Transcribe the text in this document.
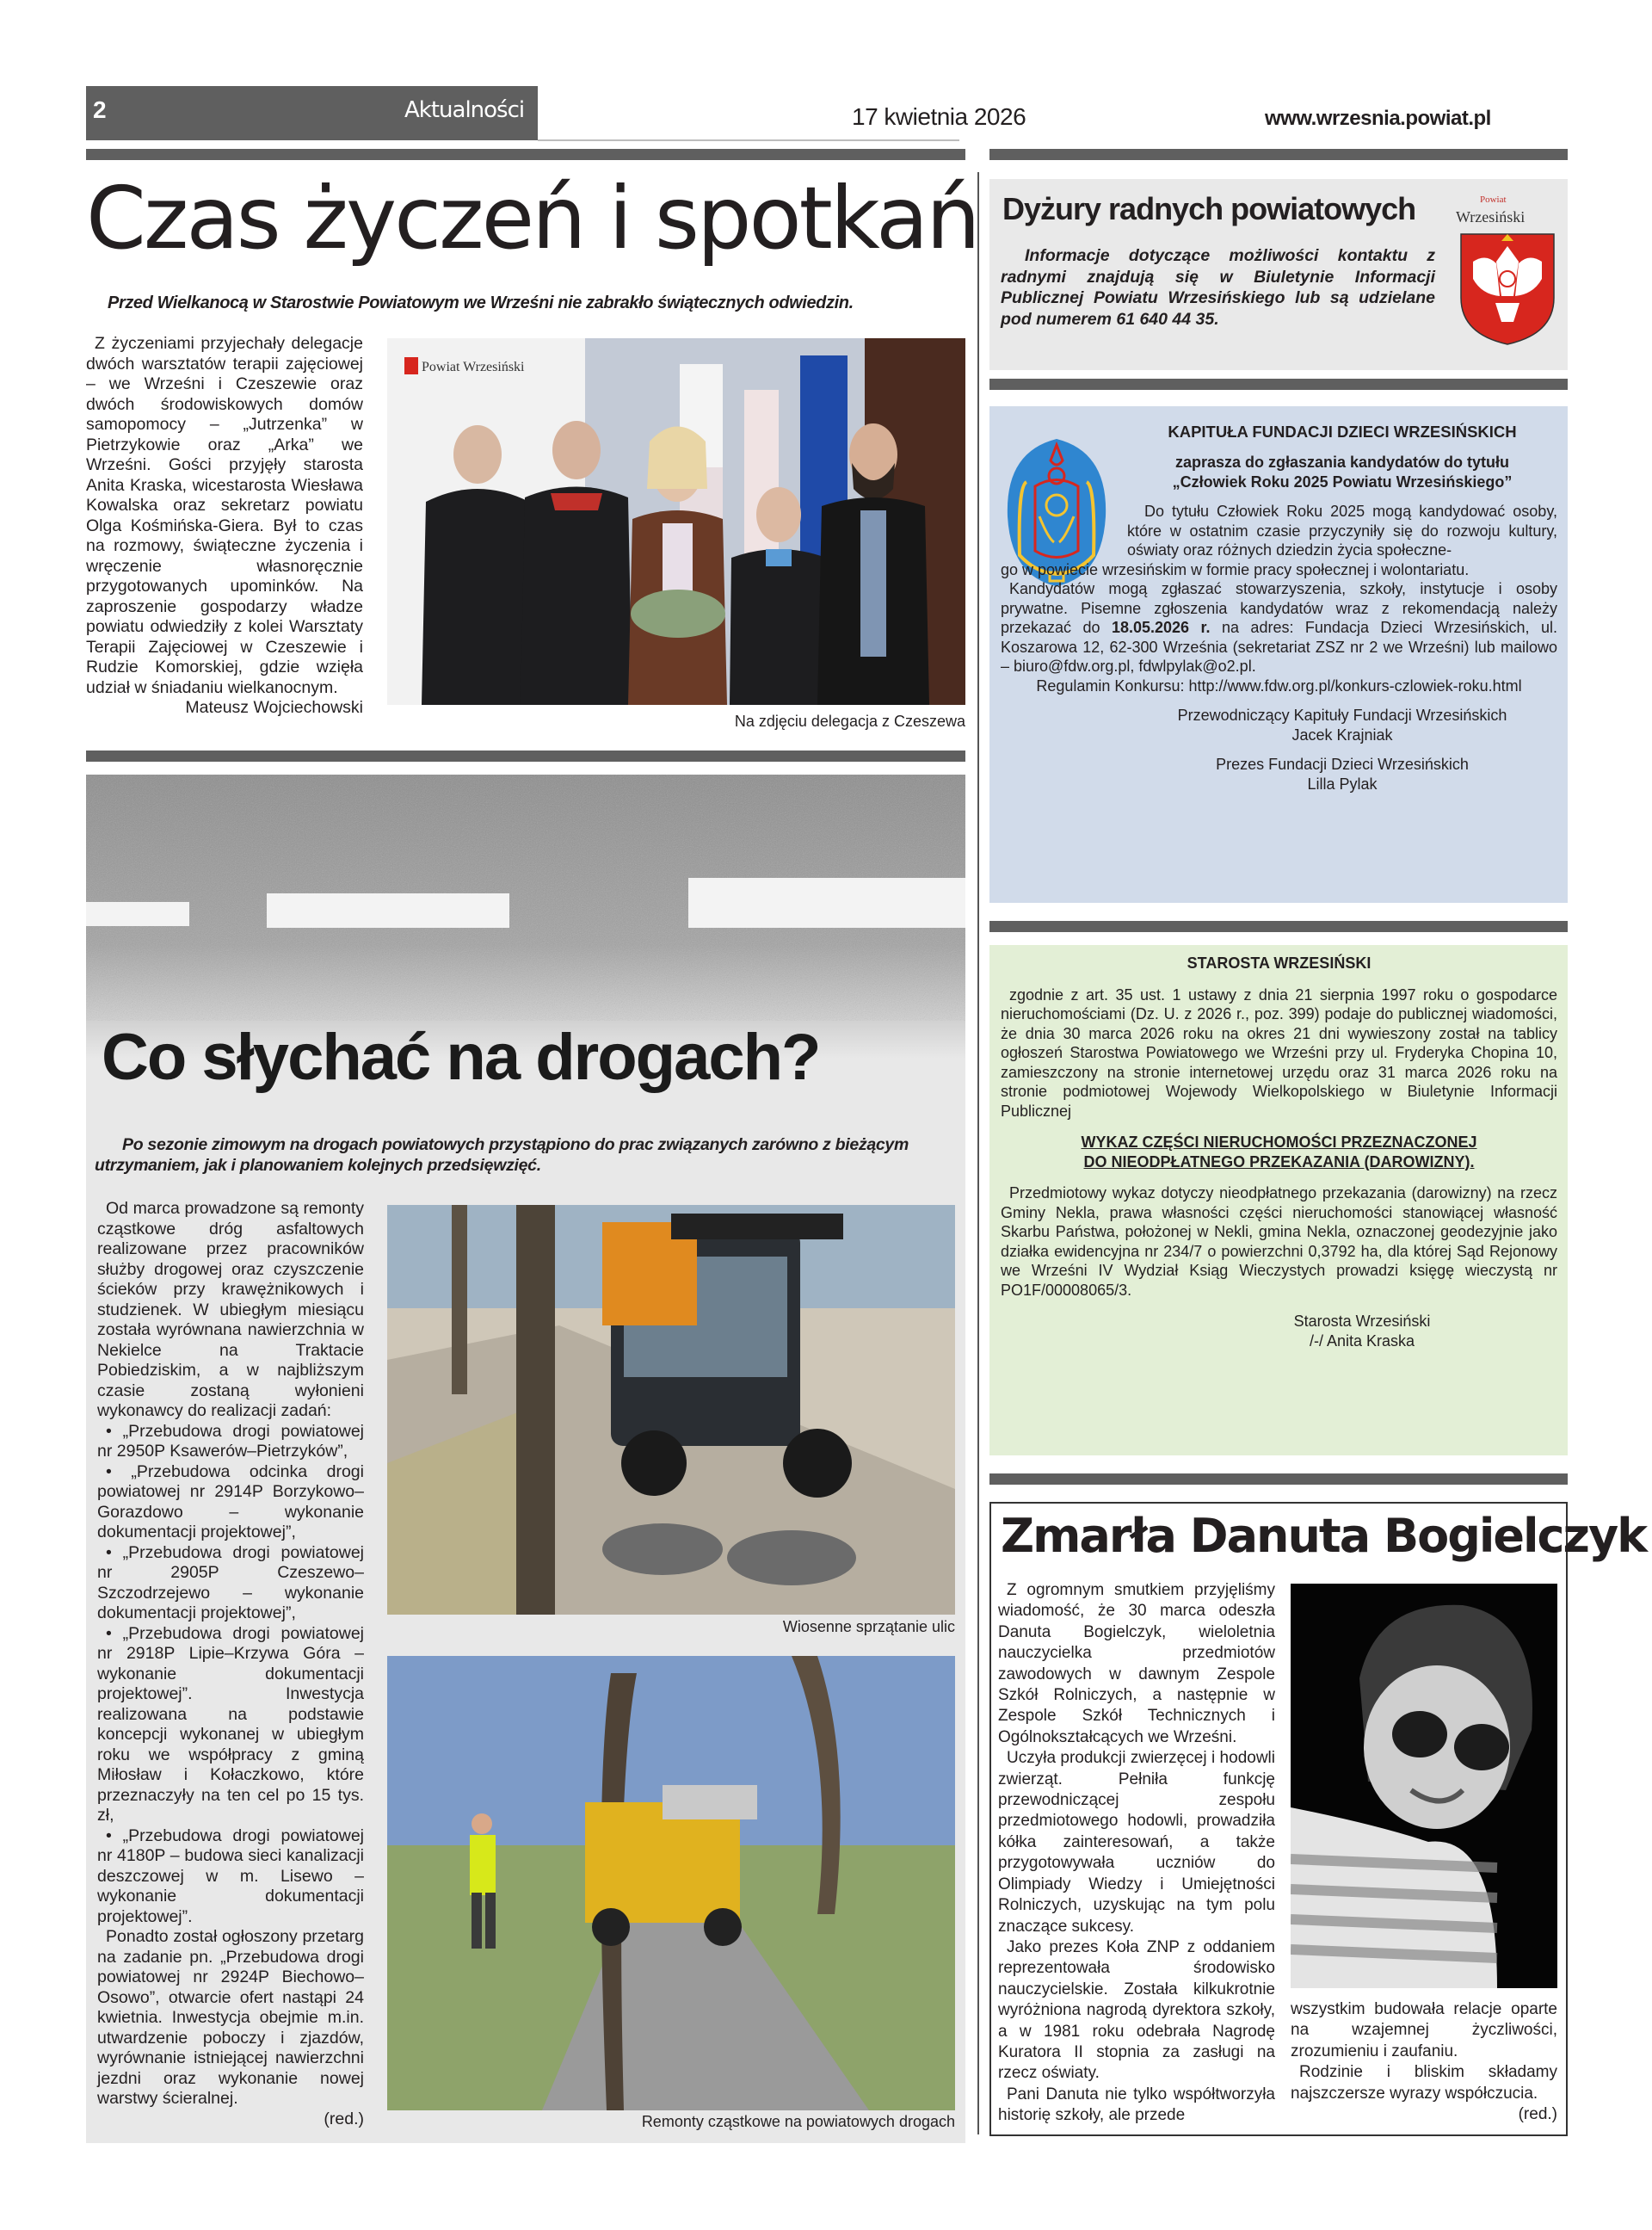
2	Aktualności	17 kwietnia 2026	www.wrzesnia.powiat.pl
Czas życzeń i spotkań
Przed Wielkanocą w Starostwie Powiatowym we Wrześni nie zabrakło świątecznych odwiedzin.

Z życzeniami przyjechały delegacje dwóch warsztatów terapii zajęciowej – we Wrześni i Czeszewie oraz dwóch środowiskowych domów samopomocy – „Jutrzenka” w Pietrzykowie oraz „Arka” we Wrześni. Gości przyjęły starosta Anita Kraska, wicestarosta Wiesława Kowalska oraz sekretarz powiatu Olga Kośmińska-Giera. Był to czas na rozmowy, świąteczne życzenia i wręczenie własnoręcznie przygotowanych upominków. Na zaproszenie gospodarzy władze powiatu odwiedziły z kolei Warsztaty Terapii Zajęciowej w Czeszewie i Rudzie Komorskiej, gdzie wzięła udział w śniadaniu wielkanocnym.

Mateusz Wojciechowski
Powiat Wrzesiński
Na zdjęciu delegacja z Czeszewa
Co słychać na drogach?
Po sezonie zimowym na drogach powiatowych przystąpiono do prac związanych zarówno z bieżącym utrzymaniem, jak i planowaniem kolejnych przedsięwzięć.

Od marca prowadzone są remonty cząstkowe dróg asfaltowych realizowane przez pracowników służby drogowej oraz czyszczenie ścieków przy krawężnikowych i studzienek. W ubiegłym miesiącu została wyrównana nawierzchnia w Nekielce na Traktacie Pobiedziskim, a w najbliższym czasie zostaną wyłonieni wykonawcy do realizacji zadań:

• „Przebudowa drogi powiatowej nr 2950P Ksawerów–Pietrzyków”,

• „Przebudowa odcinka drogi powiatowej nr 2914P Borzykowo–Gorazdowo – wykonanie dokumentacji projektowej”,

• „Przebudowa drogi powiatowej nr 2905P Czeszewo–Szczodrzejewo – wykonanie dokumentacji projektowej”,

• „Przebudowa drogi powiatowej nr 2918P Lipie–Krzywa Góra – wykonanie dokumentacji projektowej”. Inwestycja realizowana na podstawie koncepcji wykonanej w ubiegłym roku we współpracy z gminą Miłosław i Kołaczkowo, które przeznaczyły na ten cel po 15 tys. zł,

• „Przebudowa drogi powiatowej nr 4180P – budowa sieci kanalizacji deszczowej w m. Lisewo – wykonanie dokumentacji projektowej”.

Ponadto został ogłoszony przetarg na zadanie pn. „Przebudowa drogi powiatowej nr 2924P Biechowo–Osowo”, otwarcie ofert nastąpi 24 kwietnia. Inwestycja obejmie m.in. utwardzenie poboczy i zjazdów, wyrównanie istniejącej nawierzchni jezdni oraz wykonanie nowej warstwy ścieralnej.

(red.)
Wiosenne sprzątanie ulic
Remonty cząstkowe na powiatowych drogach
Dyżury radnych powiatowych
Informacje dotyczące możliwości kontaktu z radnymi znajdują się w Biuletynie Informacji Publicznej Powiatu Wrzesińskiego lub są udzielane pod numerem 61 640 44 35.
Powiat
Wrzesiński
KAPITUŁA FUNDACJI DZIECI WRZESIŃSKICH
zaprasza do zgłaszania kandydatów do tytułu
„Człowiek Roku 2025 Powiatu Wrzesińskiego”
Do tytułu Człowiek Roku 2025 mogą kandydować osoby, które w ostatnim czasie przyczyniły się do rozwoju kultury, oświaty oraz różnych dziedzin życia społeczne-
go w powiecie wrzesińskim w formie pracy społecznej i wolontariatu.
Kandydatów mogą zgłaszać stowarzyszenia, szkoły, instytucje i osoby prywatne. Pisemne zgłoszenia kandydatów wraz z rekomendacją należy przekazać do 18.05.2026 r. na adres: Fundacja Dzieci Wrzesińskich, ul. Koszarowa 12, 62-300 Września (sekretariat ZSZ nr 2 we Wrześni) lub mailowo – biuro@fdw.org.pl, fdwlpylak@o2.pl.
Regulamin Konkursu: http://www.fdw.org.pl/konkurs-czlowiek-roku.html
Przewodniczący Kapituły Fundacji Wrzesińskich
Jacek Krajniak
Prezes Fundacji Dzieci Wrzesińskich
Lilla Pylak
STAROSTA WRZESIŃSKI
zgodnie z art. 35 ust. 1 ustawy z dnia 21 sierpnia 1997 roku o gospodarce nieruchomościami (Dz. U. z 2026 r., poz. 399) podaje do publicznej wiadomości, że dnia 30 marca 2026 roku na okres 21 dni wywieszony został na tablicy ogłoszeń Starostwa Powiatowego we Wrześni przy ul. Fryderyka Chopina 10, zamieszczony na stronie internetowej urzędu oraz 31 marca 2026 roku na stronie podmiotowej Wojewody Wielkopolskiego w Biuletynie Informacji Publicznej
WYKAZ CZĘŚCI NIERUCHOMOŚCI PRZEZNACZONEJ
DO NIEODPŁATNEGO PRZEKAZANIA (DAROWIZNY).
Przedmiotowy wykaz dotyczy nieodpłatnego przekazania (darowizny) na rzecz Gminy Nekla, prawa własności części nieruchomości stanowiącej własność Skarbu Państwa, położonej w Nekli, gmina Nekla, oznaczonej geodezyjnie jako działka ewidencyjna nr 234/7 o powierzchni 0,3792 ha, dla której Sąd Rejonowy we Wrześni IV Wydział Ksiąg Wieczystych prowadzi księgę wieczystą nr PO1F/00008065/3.
Starosta Wrzesiński
/-/ Anita Kraska
Zmarła Danuta Bogielczyk

Z ogromnym smutkiem przyjęliśmy wiadomość, że 30 marca odeszła Danuta Bogielczyk, wieloletnia nauczycielka przedmiotów zawodowych w dawnym Zespole Szkół Rolniczych, a następnie w Zespole Szkół Technicznych i Ogólnokształcących we Wrześni.

Uczyła produkcji zwierzęcej i hodowli zwierząt. Pełniła funkcję przewodniczącej zespołu przedmiotowego hodowli, prowadziła kółka zainteresowań, a także przygotowywała uczniów do Olimpiady Wiedzy i Umiejętności Rolniczych, uzyskując na tym polu znaczące sukcesy.

Jako prezes Koła ZNP z oddaniem reprezentowała środowisko nauczycielskie. Została kilkukrotnie wyróżniona nagrodą dyrektora szkoły, a w 1981 roku odebrała Nagrodę Kuratora II stopnia za zasługi na rzecz oświaty.

Pani Danuta nie tylko współtworzyła historię szkoły, ale przede

wszystkim budowała relacje oparte na wzajemnej życzliwości, zrozumieniu i zaufaniu.

Rodzinie i bliskim składamy najszczersze wyrazy współczucia.

(red.)
